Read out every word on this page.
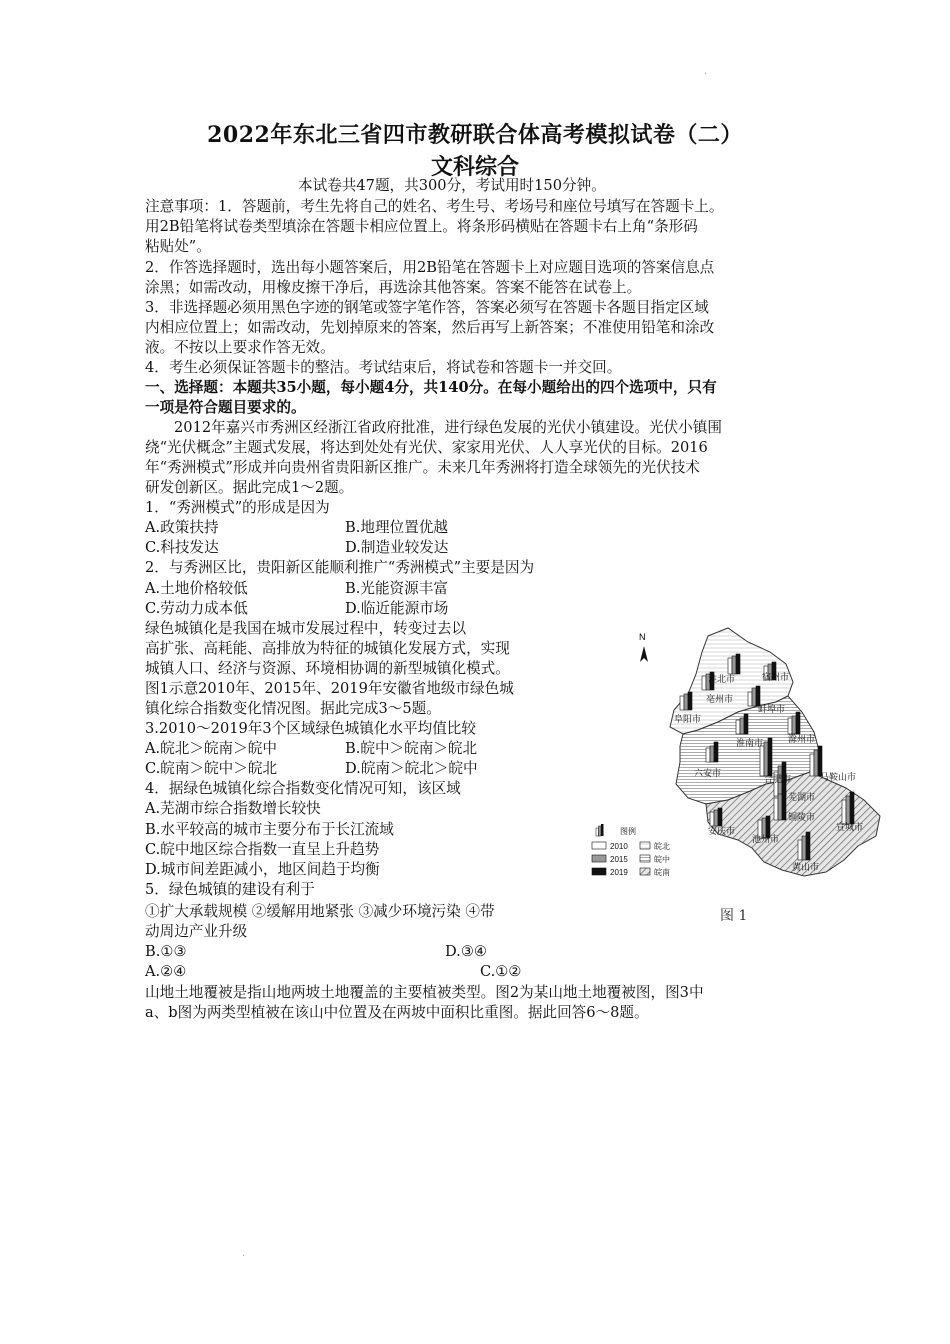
.
2022年东北三省四市教研联合体高考模拟试卷（二）
文科综合
本试卷共47题，共300分，考试用时150分钟。
注意事项：1．答题前，考生先将自己的姓名、考生号、考场号和座位号填写在答题卡上。
用2B铅笔将试卷类型填涂在答题卡相应位置上。将条形码横贴在答题卡右上角“条形码
粘贴处”。
2．作答选择题时，选出每小题答案后，用2B铅笔在答题卡上对应题目选项的答案信息点
涂黑；如需改动，用橡皮擦干净后，再选涂其他答案。答案不能答在试卷上。
3．非选择题必须用黑色字迹的钢笔或签字笔作答，答案必须写在答题卡各题目指定区域
内相应位置上；如需改动，先划掉原来的答案，然后再写上新答案；不准使用铅笔和涂改
液。不按以上要求作答无效。
4．考生必须保证答题卡的整洁。考试结束后，将试卷和答题卡一并交回。
一、选择题：本题共35小题，每小题4分，共140分。在每小题给出的四个选项中，只有
一项是符合题目要求的。
2012年嘉兴市秀洲区经浙江省政府批准，进行绿色发展的光伏小镇建设。光伏小镇围
绕“光伏概念”主题式发展，将达到处处有光伏、家家用光伏、人人享光伏的目标。2016
年“秀洲模式”形成并向贵州省贵阳新区推广。未来几年秀洲将打造全球领先的光伏技术
研发创新区。据此完成1～2题。
1．“秀洲模式”的形成是因为
A.政策扶持	B.地理位置优越
C.科技发达	D.制造业较发达
2．与秀洲区比，贵阳新区能顺利推广“秀洲模式”主要是因为
A.土地价格较低	B.光能资源丰富
C.劳动力成本低	D.临近能源市场
绿色城镇化是我国在城市发展过程中，转变过去以
高扩张、高耗能、高排放为特征的城镇化发展方式，实现
城镇人口、经济与资源、环境相协调的新型城镇化模式。
图1示意2010年、2015年、2019年安徽省地级市绿色城
镇化综合指数变化情况图。据此完成3～5题。
3.2010～2019年3个区域绿色城镇化水平均值比较
A.皖北＞皖南＞皖中	B.皖中＞皖南＞皖北
C.皖南＞皖中＞皖北	D.皖南＞皖北＞皖中
4．据绿色城镇化综合指数变化情况可知，该区域
A.芜湖市综合指数增长较快
B.水平较高的城市主要分布于长江流域
C.皖中地区综合指数一直呈上升趋势
D.城市间差距减小，地区间趋于均衡
5．绿色城镇的建设有利于
①扩大承载规模 ②缓解用地紧张 ③减少环境污染 ④带
动周边产业升级
B.①③	D.③④
A.②④	C.①②
山地土地覆被是指山地两坡土地覆盖的主要植被类型。图2为某山地土地覆被图，图3中
a、b图为两类型植被在该山中位置及在两坡中面积比重图。据此回答6～8题。
N
淮北市	宿州市
亳州市
蚌埠市
阜阳市
淮南市	滁州市
六安市
合肥市	马鞍山市
芜湖市
铜陵市
宣城市
安庆市
池州市
黄山市
图例
2010
2015
2019
皖北
皖中
皖南
图 1
.
